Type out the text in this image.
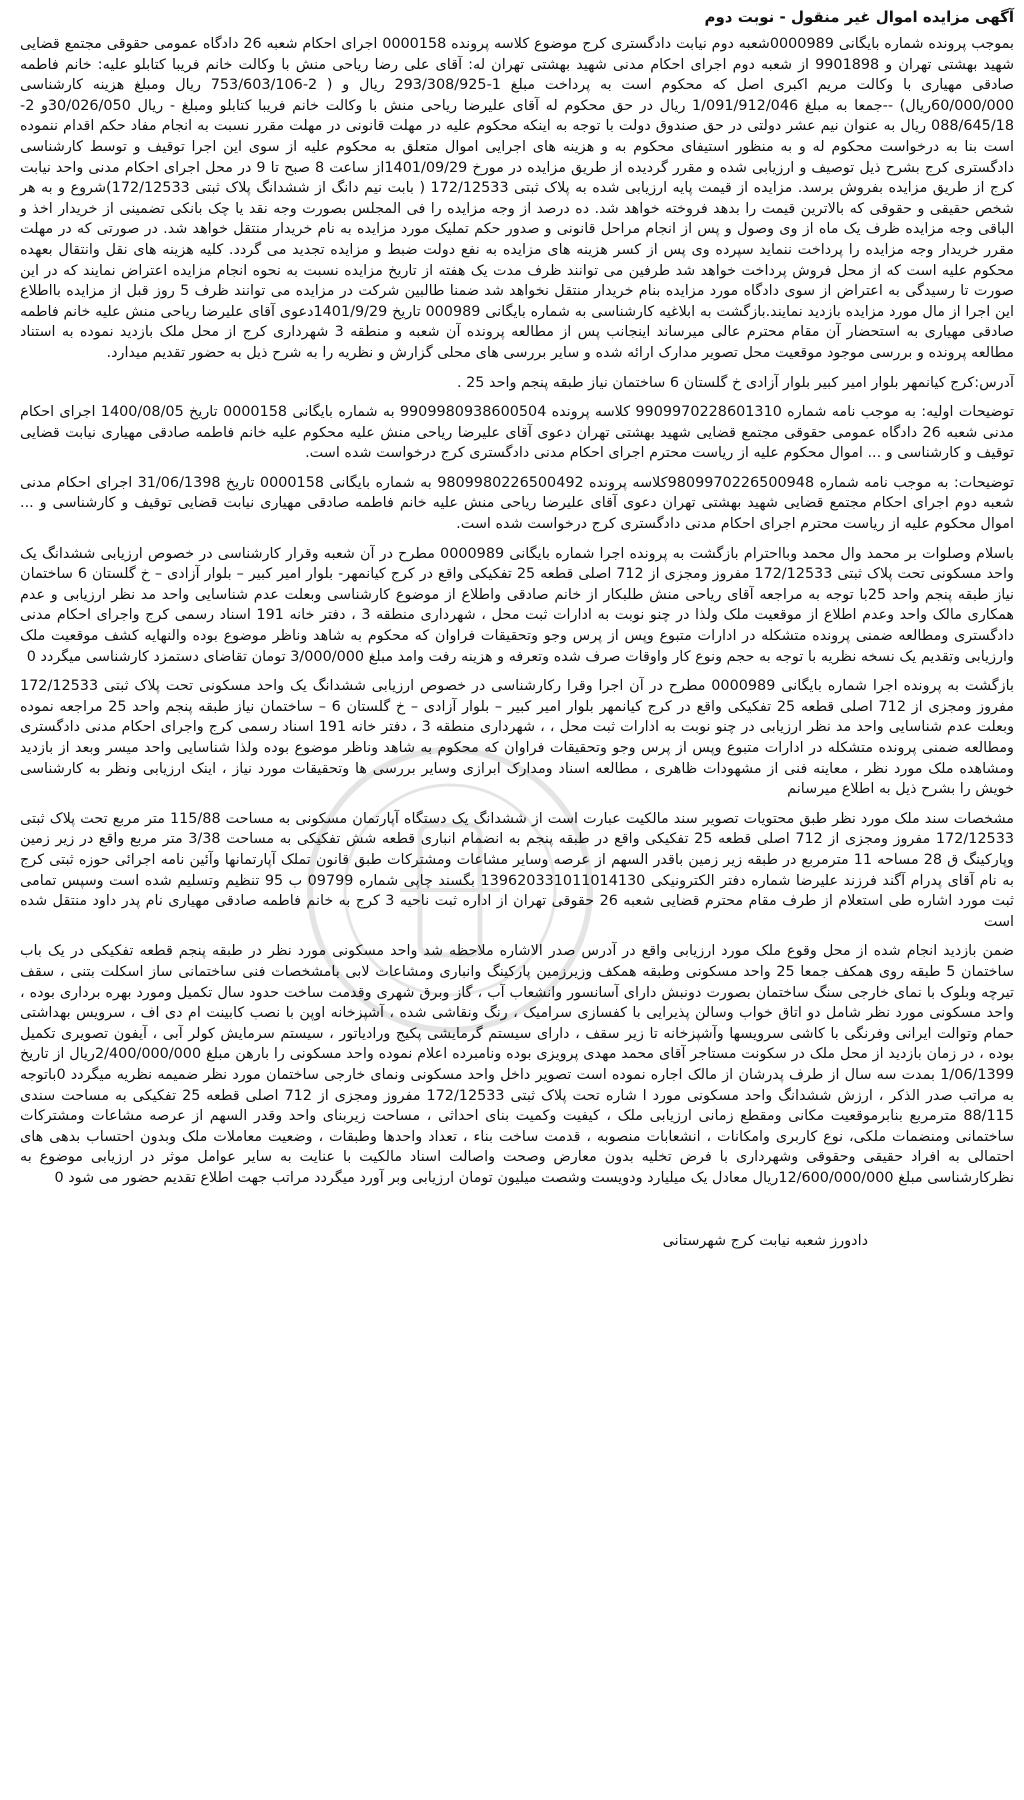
آگهی مزایده اموال غیر منقول - نوبت دوم

بموجب پرونده شماره بایگانی 0000989شعبه دوم نیابت دادگستری کرج موضوع کلاسه پرونده 0000158 اجرای احکام شعبه 26 دادگاه عمومی حقوقی مجتمع قضایی شهید بهشتی تهران و 9901898 از شعبه دوم اجرای احکام مدنی شهید بهشتی تهران له: آقای علی رضا ریاحی منش با وکالت خانم فریبا کتابلو علیه: خانم فاطمه صادقی مهیاری با وکالت مریم اکبری اصل که محکوم است به پرداخت مبلغ 1-293/308/925 ریال و ( 2-753/603/106 ریال ومبلغ هزینه کارشناسی 60/000/000ریال) --جمعا به مبلغ 1/091/912/046 ریال در حق محکوم له آقای علیرضا ریاحی منش با وکالت خانم فریبا کتابلو ومبلغ - ریال 30/026/050و 2-088/645/18 ریال به عنوان نیم عشر دولتی در حق صندوق دولت با توجه به اینکه محکوم علیه در مهلت قانونی در مهلت مقرر نسبت به انجام مفاد حکم اقدام ننموده است بنا به درخواست محکوم له و به منظور استیفای محکوم به و هزینه های اجرایی اموال متعلق به محکوم علیه از سوی این اجرا توقیف و توسط کارشناسی دادگستری کرج بشرح ذیل توصیف و ارزیابی شده و مقرر گردیده از طریق مزایده در مورخ 1401/09/29از ساعت 8 صبح تا 9 در محل اجرای احکام مدنی واحد نیابت کرج از طریق مزایده بفروش برسد. مزایده از قیمت پایه ارزیابی شده به پلاک ثبتی 172/12533 ( بابت نیم دانگ از ششدانگ پلاک ثبتی 172/12533)شروع و به هر شخص حقیقی و حقوقی که بالاترین قیمت را بدهد فروخته خواهد شد. ده درصد از وجه مزایده را فی المجلس بصورت وجه نقد یا چک بانکی تضمینی از خریدار اخذ و الباقی وجه مزایده ظرف یک ماه از وی وصول و پس از انجام مراحل قانونی و صدور حکم تملیک مورد مزایده به نام خریدار منتقل خواهد شد. در صورتی که در مهلت مقرر خریدار وجه مزایده را پرداخت ننماید سپرده وی پس از کسر هزینه های مزایده به نفع دولت ضبط و مزایده تجدید می گردد. کلیه هزینه های نقل وانتقال بعهده محکوم علیه است که از محل فروش پرداخت خواهد شد طرفین می توانند ظرف مدت یک هفته از تاریخ مزایده نسبت به نحوه انجام مزایده اعتراض نمایند که در این صورت تا رسیدگی به اعتراض از سوی دادگاه مورد مزایده بنام خریدار منتقل نخواهد شد ضمنا طالبین شرکت در مزایده می توانند ظرف 5 روز قبل از مزایده بااطلاع این اجرا از مال مورد مزایده بازدید نمایند.بازگشت به ابلاغیه کارشناسی به شماره بایگانی 000989 تاریخ 1401/9/29دعوی آقای علیرضا ریاحی منش علیه خانم فاطمه صادقی مهیاری به استحضار آن مقام محترم عالی میرساند اینجانب پس از مطالعه پرونده آن شعبه و منطقه 3 شهرداری کرج از محل ملک بازدید نموده به استناد مطالعه پرونده و بررسی موجود موقعیت محل تصویر مدارک ارائه شده و سایر بررسی های محلی گزارش و نظریه را به شرح ذیل به حضور تقدیم میدارد.

آدرس:کرج کیانمهر بلوار امیر کبیر بلوار آزادی خ گلستان 6 ساختمان نیاز طبقه پنجم واحد 25 .

توضیحات اولیه: به موجب نامه شماره 9909970228601310 کلاسه پرونده 9909980938600504 به شماره بایگانی 0000158 تاریخ 1400/08/05 اجرای احکام مدنی شعبه 26 دادگاه عمومی حقوقی مجتمع قضایی شهید بهشتی تهران دعوی آقای علیرضا ریاحی منش علیه محکوم علیه خانم فاطمه صادقی مهیاری نیابت قضایی توقیف و کارشناسی و ... اموال محکوم علیه از ریاست محترم اجرای احکام مدنی دادگستری کرج درخواست شده است.

توضیحات: به موجب نامه شماره 9809970226500948کلاسه پرونده 9809980226500492 به شماره بایگانی 0000158 تاریخ 31/06/1398 اجرای احکام مدنی شعبه دوم اجرای احکام مجتمع قضایی شهید بهشتی تهران دعوی آقای علیرضا ریاحی منش علیه خانم فاطمه صادقی مهیاری نیابت قضایی توقیف و کارشناسی و ... اموال محکوم علیه از ریاست محترم اجرای احکام مدنی دادگستری کرج درخواست شده است.

باسلام وصلوات بر محمد وال محمد وبااحترام بازگشت به پرونده اجرا شماره بایگانی 0000989 مطرح در آن شعبه وقرار کارشناسی در خصوص ارزیابی ششدانگ یک واحد مسکونی تحت پلاک ثبتی 172/12533 مفروز ومجزی از 712 اصلی قطعه 25 تفکیکی واقع در کرج کیانمهر- بلوار امیر کبیر – بلوار آزادی – خ گلستان 6 ساختمان نیاز طبقه پنجم واحد 25با توجه به مراجعه آقای ریاحی منش طلبکار از خانم صادقی واطلاع از موضوع کارشناسی وبعلت عدم شناسایی واحد مد نظر ارزیابی و عدم همکاری مالک واحد وعدم اطلاع از موقعیت ملک ولذا در چنو نوبت به ادارات ثبت محل ، شهرداری منطقه 3 ، دفتر خانه 191 اسناد رسمی کرج واجرای احکام مدنی دادگستری ومطالعه ضمنی پرونده متشکله در ادارات متبوع وپس از پرس وجو وتحقیقات فراوان که محکوم به شاهد وناظر موضوع بوده والنهایه کشف موقعیت ملک وارزیابی وتقدیم یک نسخه نظریه با توجه به حجم ونوع کار واوقات صرف شده وتعرفه و هزینه رفت وامد مبلغ 3/000/000 تومان تقاضای دستمزد کارشناسی میگردد 0

بازگشت به پرونده اجرا شماره بایگانی 0000989 مطرح در آن اجرا وقرا رکارشناسی در خصوص ارزیابی ششدانگ یک واحد مسکونی تحت پلاک ثبتی 172/12533 مفروز ومجزی از 712 اصلی قطعه 25 تفکیکی واقع در کرج کیانمهر بلوار امیر کبیر – بلوار آزادی – خ گلستان 6 – ساختمان نیاز طبقه پنجم واحد 25 مراجعه نموده وبعلت عدم شناسایی واحد مد نظر ارزیابی در چنو نوبت به ادارات ثبت محل ، ، شهرداری منطقه 3 ، دفتر خانه 191 اسناد رسمی کرج واجرای احکام مدنی دادگستری ومطالعه ضمنی پرونده متشکله در ادارات متبوع وپس از پرس وجو وتحقیقات فراوان که محکوم به شاهد وناظر موضوع بوده ولذا شناسایی واحد میسر وبعد از بازدید ومشاهده ملک مورد نظر ، معاینه فنی از مشهودات ظاهری ، مطالعه اسناد ومدارک ابرازی وسایر بررسی ها وتحقیقات مورد نیاز ، اینک ارزیابی ونظر به کارشناسی خویش را بشرح ذیل به اطلاع میرسانم

مشخصات سند ملک مورد نظر طبق محتویات تصویر سند مالکیت عبارت است از ششدانگ یک دستگاه آپارتمان مسکونی به مساحت 115/88 متر مربع تحت پلاک ثبتی 172/12533 مفروز ومجزی از 712 اصلی قطعه 25 تفکیکی واقع در طبقه پنجم به انضمام انباری قطعه شش تفکیکی به مساحت 3/38 متر مربع واقع در زیر زمین وپارکینگ ق 28 مساحه 11 مترمربع در طبقه زیر زمین باقدر السهم از عرصه وسایر مشاعات ومشترکات طبق قانون تملک آپارتمانها وآئین نامه اجرائی حوزه ثبتی کرج به نام آقای پدرام آگند فرزند علیرضا شماره دفتر الکترونیکی 139620331011014130 بگسند چاپی شماره 09799 ب 95 تنظیم وتسلیم شده است وسپس تمامی ثبت مورد اشاره طی استعلام از طرف مقام محترم قضایی شعبه 26 حقوقی تهران از اداره ثبت ناحیه 3 کرج به خانم فاطمه صادقی مهیاری نام پدر داود منتقل شده است

ضمن بازدید انجام شده از محل وقوع ملک مورد ارزیابی واقع در آدرس صدر الاشاره ملاحظه شد واحد مسکونی مورد نظر در طبقه پنجم قطعه تفکیکی در یک باب ساختمان 5 طبقه روی همکف جمعا 25 واحد مسکونی وطبقه همکف وزیرزمین پارکینگ وانباری ومشاعات لابی بامشخصات فنی ساختمانی ساز اسکلت بتنی ، سقف تیرچه وبلوک با نمای خارجی سنگ ساختمان بصورت دونبش دارای آسانسور وانشعاب آب ، گاز وبرق شهری وقدمت ساخت حدود سال تکمیل ومورد بهره برداری بوده ، واحد مسکونی مورد نظر شامل دو اتاق خواب وسالن پذیرایی با کفسازی سرامیک ، رنگ ونقاشی شده ، آشپزخانه اوپن با نصب کابینت ام دی اف ، سرویس بهداشتی حمام وتوالت ایرانی وفرنگی با کاشی سرویسها وآشپزخانه تا زیر سقف ، دارای سیستم گرمایشی پکیج ورادیاتور ، سیستم سرمایش کولر آبی ، آیفون تصویری تکمیل بوده ، در زمان بازدید از محل ملک در سکونت مستاجر آقای محمد مهدی پرویزی بوده ونامبرده اعلام نموده واحد مسکونی را بارهن مبلغ 2/400/000/000ریال از تاریخ 1/06/1399 بمدت سه سال از طرف پدرشان از مالک اجاره نموده است تصویر داخل واحد مسکونی ونمای خارجی ساختمان مورد نظر ضمیمه نظریه میگردد 0باتوجه به مراتب صدر الذکر ، ارزش ششدانگ واحد مسکونی مورد ا شاره تحت پلاک ثبتی 172/12533 مفروز ومجزی از 712 اصلی قطعه 25 تفکیکی به مساحت سندی 88/115 مترمربع بنابرموقعیت مکانی ومقطع زمانی ارزیابی ملک ، کیفیت وکمیت بنای احداثی ، مساحت زیربنای واحد وقدر السهم از عرصه مشاعات ومشترکات ساختمانی ومنضمات ملکی، نوع کاربری وامکانات ، انشعابات منصوبه ، قدمت ساخت بناء ، تعداد واحدها وطبقات ، وضعیت معاملات ملک وبدون احتساب بدهی های احتمالی به افراد حقیقی وحقوقی وشهرداری با فرض تخلیه بدون معارض وصحت واصالت اسناد مالکیت با عنایت به سایر عوامل موثر در ارزیابی موضوع به نظرکارشناسی مبلغ 12/600/000/000ریال معادل یک میلیارد ودویست وشصت میلیون تومان ارزیابی وبر آورد میگردد مراتب جهت اطلاع تقدیم حضور می شود 0

دادورز شعبه نیابت کرج شهرستانی
